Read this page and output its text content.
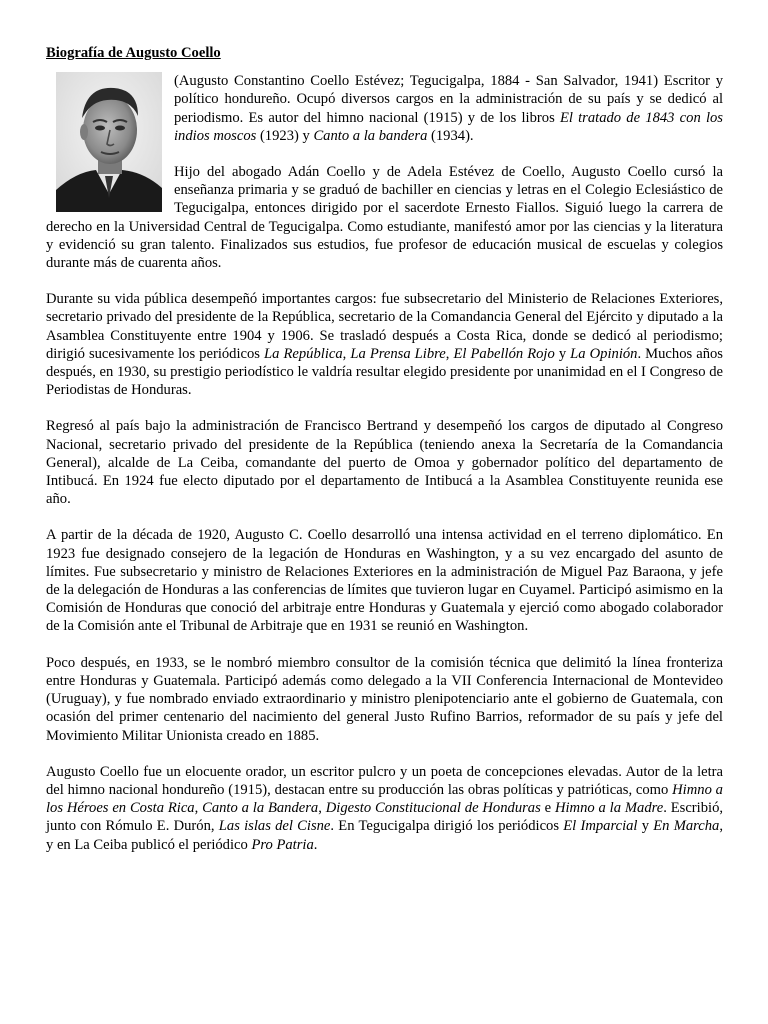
Biografía de Augusto Coello

(Augusto Constantino Coello Estévez; Tegucigalpa, 1884 - San Salvador, 1941) Escritor y político hondureño. Ocupó diversos cargos en la administración de su país y se dedicó al periodismo. Es autor del himno nacional (1915) y de los libros El tratado de 1843 con los indios moscos (1923) y Canto a la bandera (1934).

Hijo del abogado Adán Coello y de Adela Estévez de Coello, Augusto Coello cursó la enseñanza primaria y se graduó de bachiller en ciencias y letras en el Colegio Eclesiástico de Tegucigalpa, entonces dirigido por el sacerdote Ernesto Fiallos. Siguió luego la carrera de derecho en la Universidad Central de Tegucigalpa. Como estudiante, manifestó amor por las ciencias y la literatura y evidenció su gran talento. Finalizados sus estudios, fue profesor de educación musical de escuelas y colegios durante más de cuarenta años.

Durante su vida pública desempeñó importantes cargos: fue subsecretario del Ministerio de Relaciones Exteriores, secretario privado del presidente de la República, secretario de la Comandancia General del Ejército y diputado a la Asamblea Constituyente entre 1904 y 1906. Se trasladó después a Costa Rica, donde se dedicó al periodismo; dirigió sucesivamente los periódicos La República, La Prensa Libre, El Pabellón Rojo y La Opinión. Muchos años después, en 1930, su prestigio periodístico le valdría resultar elegido presidente por unanimidad en el I Congreso de Periodistas de Honduras.

Regresó al país bajo la administración de Francisco Bertrand y desempeñó los cargos de diputado al Congreso Nacional, secretario privado del presidente de la República (teniendo anexa la Secretaría de la Comandancia General), alcalde de La Ceiba, comandante del puerto de Omoa y gobernador político del departamento de Intibucá. En 1924 fue electo diputado por el departamento de Intibucá a la Asamblea Constituyente reunida ese año.

A partir de la década de 1920, Augusto C. Coello desarrolló una intensa actividad en el terreno diplomático. En 1923 fue designado consejero de la legación de Honduras en Washington, y a su vez encargado del asunto de límites. Fue subsecretario y ministro de Relaciones Exteriores en la administración de Miguel Paz Baraona, y jefe de la delegación de Honduras a las conferencias de límites que tuvieron lugar en Cuyamel. Participó asimismo en la Comisión de Honduras que conoció del arbitraje entre Honduras y Guatemala y ejerció como abogado colaborador de la Comisión ante el Tribunal de Arbitraje que en 1931 se reunió en Washington.

Poco después, en 1933, se le nombró miembro consultor de la comisión técnica que delimitó la línea fronteriza entre Honduras y Guatemala. Participó además como delegado a la VII Conferencia Internacional de Montevideo (Uruguay), y fue nombrado enviado extraordinario y ministro plenipotenciario ante el gobierno de Guatemala, con ocasión del primer centenario del nacimiento del general Justo Rufino Barrios, reformador de su país y jefe del Movimiento Militar Unionista creado en 1885.

Augusto Coello fue un elocuente orador, un escritor pulcro y un poeta de concepciones elevadas. Autor de la letra del himno nacional hondureño (1915), destacan entre su producción las obras políticas y patrióticas, como Himno a los Héroes en Costa Rica, Canto a la Bandera, Digesto Constitucional de Honduras e Himno a la Madre. Escribió, junto con Rómulo E. Durón, Las islas del Cisne. En Tegucigalpa dirigió los periódicos El Imparcial y En Marcha, y en La Ceiba publicó el periódico Pro Patria.
